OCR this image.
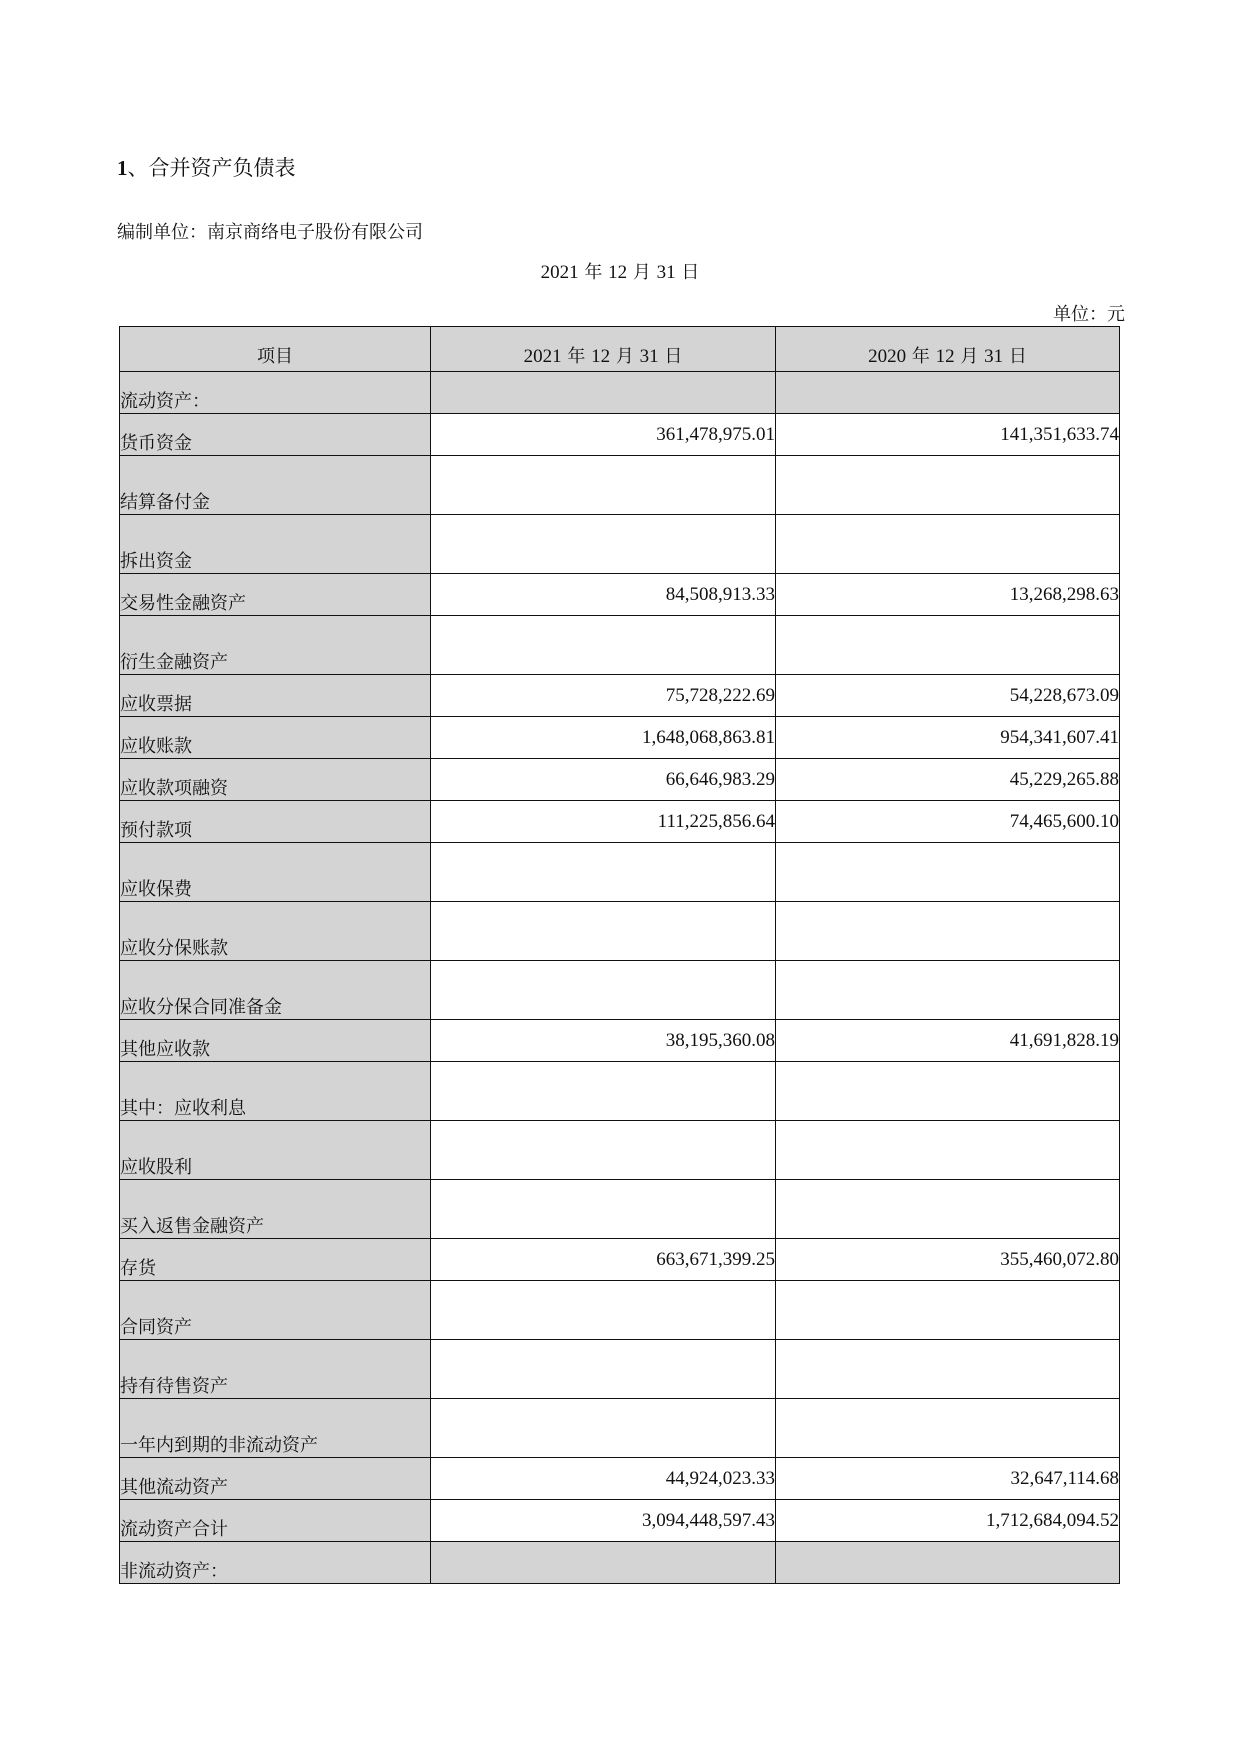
1、合并资产负债表
编制单位：南京商络电子股份有限公司
2021 年 12 月 31 日
单位：元
项目	2021 年 12 月 31 日	2020 年 12 月 31 日
流动资产：		
货币资金	361,478,975.01	141,351,633.74
结算备付金		
拆出资金		
交易性金融资产	84,508,913.33	13,268,298.63
衍生金融资产		
应收票据	75,728,222.69	54,228,673.09
应收账款	1,648,068,863.81	954,341,607.41
应收款项融资	66,646,983.29	45,229,265.88
预付款项	111,225,856.64	74,465,600.10
应收保费		
应收分保账款		
应收分保合同准备金		
其他应收款	38,195,360.08	41,691,828.19
其中：应收利息		
应收股利		
买入返售金融资产		
存货	663,671,399.25	355,460,072.80
合同资产		
持有待售资产		
一年内到期的非流动资产		
其他流动资产	44,924,023.33	32,647,114.68
流动资产合计	3,094,448,597.43	1,712,684,094.52
非流动资产：		
